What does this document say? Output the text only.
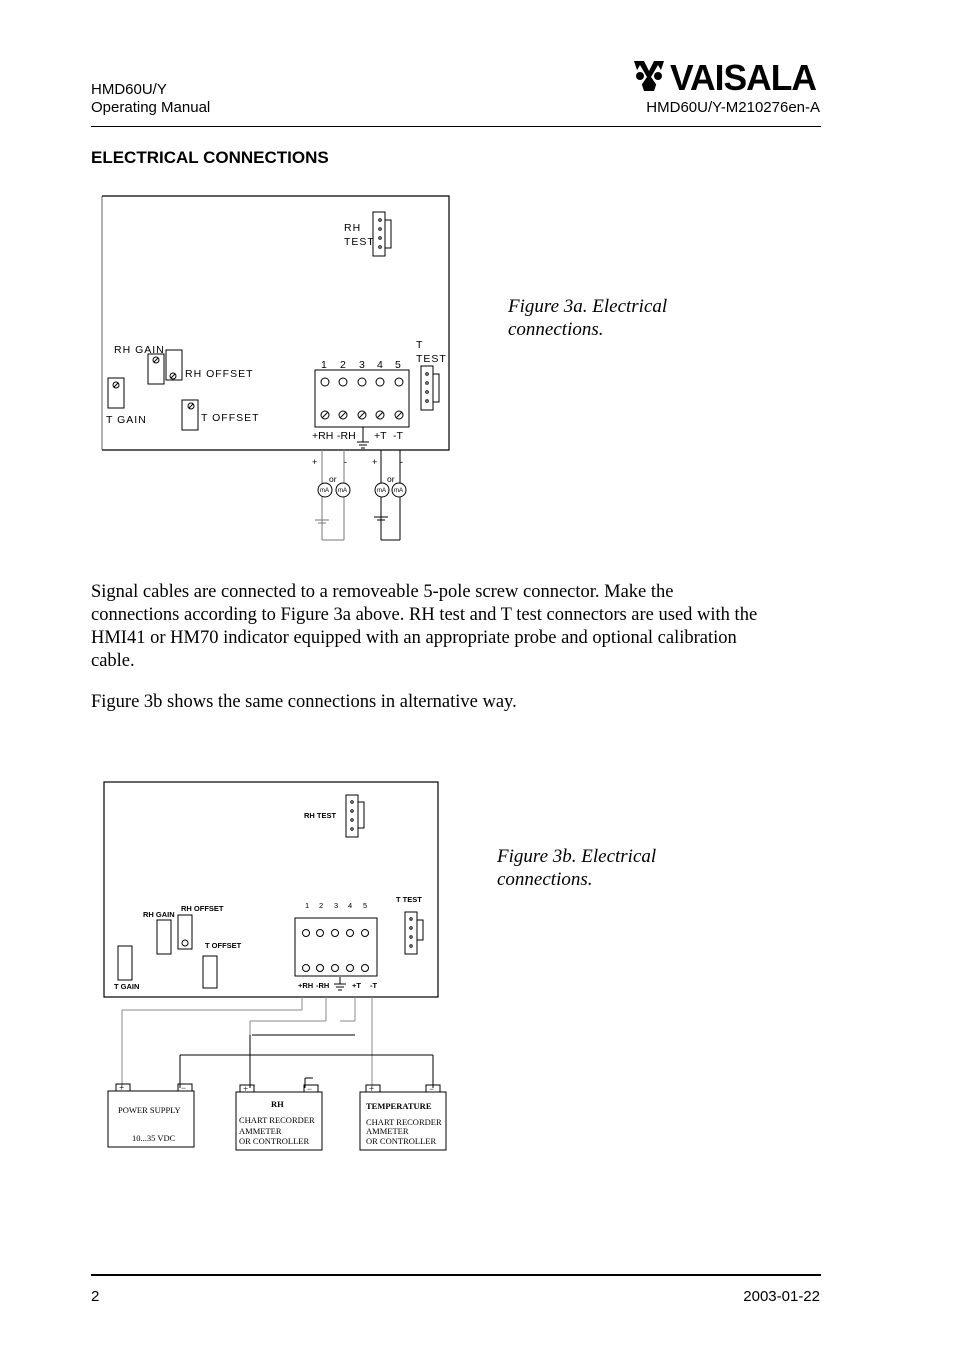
HMD60U/Y
Operating Manual
VAISALA
HMD60U/Y-M210276en-A
ELECTRICAL CONNECTIONS
RH
TEST
RH GAIN
RH OFFSET
T GAIN	T OFFSET
T
TEST
1 2 3 4 5
+RH -RH +T -T
+	-	+	-
or	or
mA mA	mA mA
Figure 3a. Electrical
connections.
Signal cables are connected to a removeable 5-pole screw connector. Make the
connections according to Figure 3a above. RH test and T test connectors are used with the
HMI41 or HM70 indicator equipped with an appropriate probe and optional calibration
cable.
Figure 3b shows the same connections in alternative way.
RH TEST
T TEST
RH GAIN
RH OFFSET
T OFFSET
T GAIN	+RH -RH	+T -T
1 2 3 4 5
+	−	+	−	+	−
POWER SUPPLY
10...35 VDC
RH
CHART RECORDER
AMMETER
OR CONTROLLER
TEMPERATURE
CHART RECORDER
AMMETER
OR CONTROLLER
Figure 3b. Electrical
connections.
2	2003-01-22
